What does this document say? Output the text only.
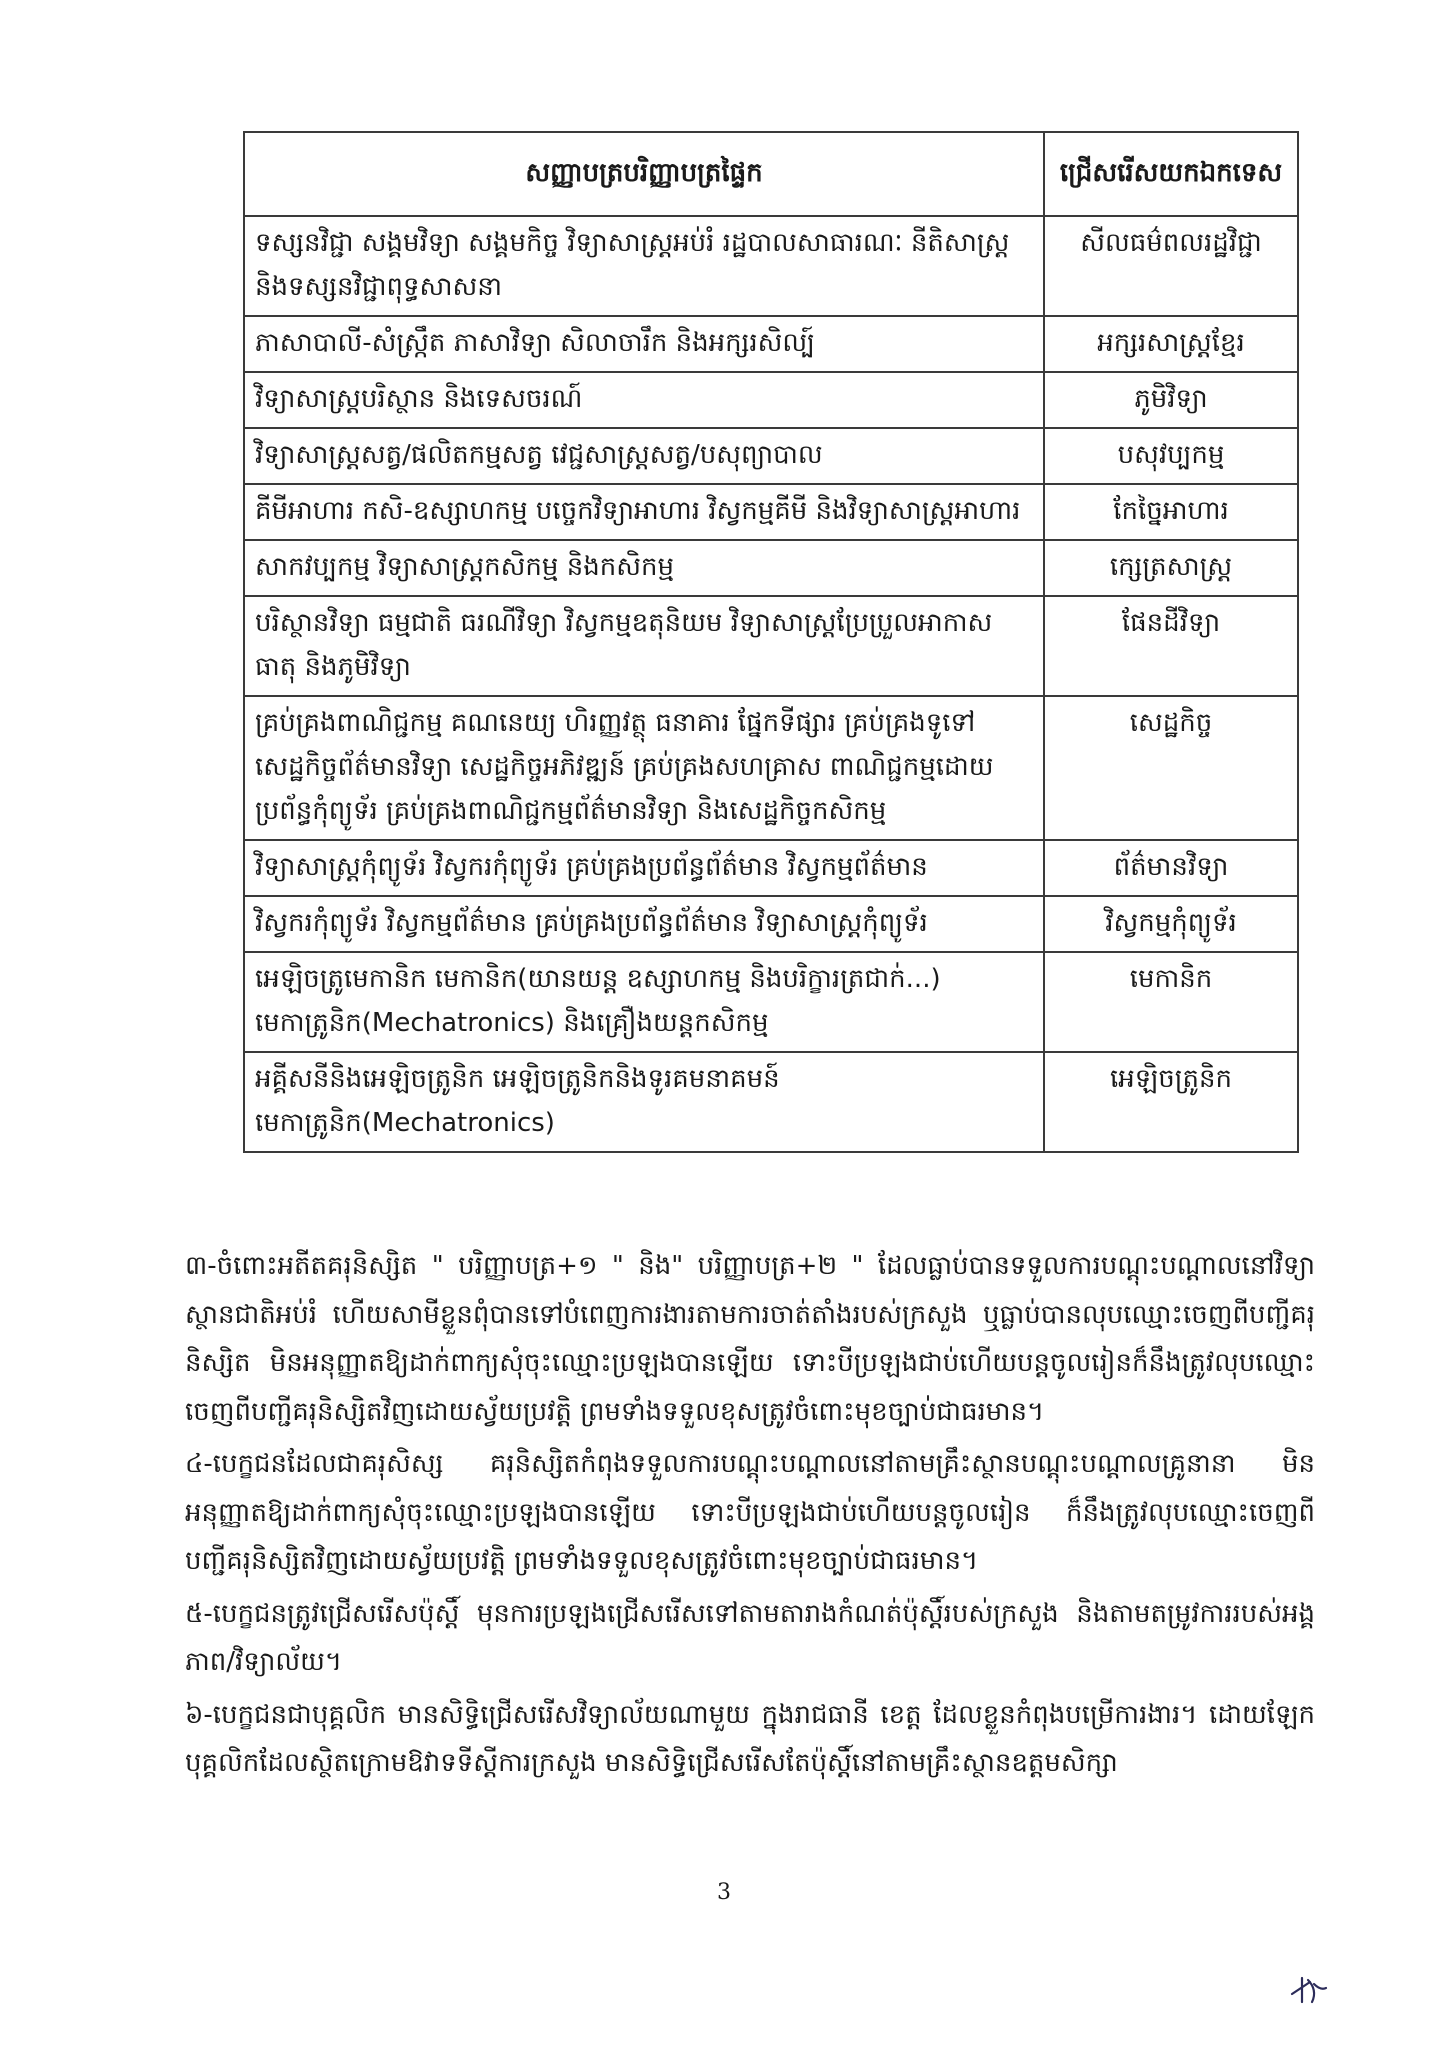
សញ្ញាបត្របរិញ្ញាបត្រផ្ទៃក	ជ្រើសរើសយកឯកទេស
ទស្សនវិជ្ជា សង្គមវិទ្យា សង្គមកិច្ច វិទ្យាសាស្ត្រអប់រំ រដ្ឋបាលសាធារណៈ នីតិសាស្ត្រ និងទស្សនវិជ្ជាពុទ្ធសាសនា	សីលធម៌ពលរដ្ឋវិជ្ជា
ភាសាបាលី-សំស្ក្រឹត ភាសាវិទ្យា សិលាចារឹក និងអក្សរសិល្ប៍	អក្សរសាស្ត្រខ្មែរ
វិទ្យាសាស្ត្របរិស្ថាន និងទេសចរណ៍	ភូមិវិទ្យា
វិទ្យាសាស្ត្រសត្វ/ផលិតកម្មសត្វ វេជ្ជសាស្ត្រសត្វ/បសុព្យាបាល	បសុវប្បកម្ម
គីមីអាហារ កសិ-ឧស្សាហកម្ម បច្ចេកវិទ្យាអាហារ វិស្វកម្មគីមី និងវិទ្យាសាស្ត្រអាហារ	កែច្នៃអាហារ
សាកវប្បកម្ម វិទ្យាសាស្ត្រកសិកម្ម និងកសិកម្ម	ក្សេត្រសាស្ត្រ
បរិស្ថានវិទ្យា ធម្មជាតិ ធរណីវិទ្យា វិស្វកម្មឧតុនិយម វិទ្យាសាស្ត្រប្រែប្រួលអាកាសធាតុ និងភូមិវិទ្យា	ផែនដីវិទ្យា
គ្រប់គ្រងពាណិជ្ជកម្ម គណនេយ្យ ហិរញ្ញវត្ថុ ធនាគារ ផ្នែកទីផ្សារ គ្រប់គ្រងទូទៅ សេដ្ឋកិច្ចព័ត៌មានវិទ្យា សេដ្ឋកិច្ចអភិវឌ្ឍន៍ គ្រប់គ្រងសហគ្រាស ពាណិជ្ជកម្មដោយប្រព័ន្ធកុំព្យូទ័រ គ្រប់គ្រងពាណិជ្ជកម្មព័ត៌មានវិទ្យា និងសេដ្ឋកិច្ចកសិកម្ម	សេដ្ឋកិច្ច
វិទ្យាសាស្ត្រកុំព្យូទ័រ វិស្វករកុំព្យូទ័រ គ្រប់គ្រងប្រព័ន្ធព័ត៌មាន វិស្វកម្មព័ត៌មាន	ព័ត៌មានវិទ្យា
វិស្វករកុំព្យូទ័រ វិស្វកម្មព័ត៌មាន គ្រប់គ្រងប្រព័ន្ធព័ត៌មាន វិទ្យាសាស្ត្រកុំព្យូទ័រ	វិស្វកម្មកុំព្យូទ័រ
អេឡិចត្រូមេកានិក មេកានិក(យានយន្ត ឧស្សាហកម្ម និងបរិក្ខារត្រជាក់...) មេកាត្រូនិក(Mechatronics) និងគ្រឿងយន្តកសិកម្ម	មេកានិក
អគ្គីសនីនិងអេឡិចត្រូនិក អេឡិចត្រូនិកនិងទូរគមនាគមន៍ មេកាត្រូនិក(Mechatronics)	អេឡិចត្រូនិក

៣-ចំពោះអតីតគរុនិស្សិត " បរិញ្ញាបត្រ+១ " និង" បរិញ្ញាបត្រ+២ " ដែលធ្លាប់បានទទួលការបណ្ដុះបណ្ដាលនៅវិទ្យាស្ថានជាតិអប់រំ ហើយសាមីខ្លួនពុំបានទៅបំពេញការងារតាមការចាត់តាំងរបស់ក្រសួង ឬធ្លាប់បានលុបឈ្មោះចេញពីបញ្ជីគរុនិស្សិត មិនអនុញ្ញាតឱ្យដាក់ពាក្យសុំចុះឈ្មោះប្រឡងបានឡើយ ទោះបីប្រឡងជាប់ហើយបន្តចូលរៀនក៏នឹងត្រូវលុបឈ្មោះចេញពីបញ្ជីគរុនិស្សិតវិញដោយស្វ័យប្រវត្តិ ព្រមទាំងទទួលខុសត្រូវចំពោះមុខច្បាប់ជាធរមាន។

៤-បេក្ខជនដែលជាគរុសិស្ស គរុនិស្សិតកំពុងទទួលការបណ្ដុះបណ្ដាលនៅតាមគ្រឹះស្ថានបណ្ដុះបណ្ដាលគ្រូនានា មិនអនុញ្ញាតឱ្យដាក់ពាក្យសុំចុះឈ្មោះប្រឡងបានឡើយ ទោះបីប្រឡងជាប់ហើយបន្តចូលរៀន ក៏នឹងត្រូវលុបឈ្មោះចេញពីបញ្ជីគរុនិស្សិតវិញដោយស្វ័យប្រវត្តិ ព្រមទាំងទទួលខុសត្រូវចំពោះមុខច្បាប់ជាធរមាន។

៥-បេក្ខជនត្រូវជ្រើសរើសប៉ុស្តិ៍ មុនការប្រឡងជ្រើសរើសទៅតាមតារាងកំណត់ប៉ុស្តិ៍របស់ក្រសួង និងតាមតម្រូវការរបស់អង្គភាព/វិទ្យាល័យ។

៦-បេក្ខជនជាបុគ្គលិក មានសិទ្ធិជ្រើសរើសវិទ្យាល័យណាមួយ ក្នុងរាជធានី ខេត្ត ដែលខ្លួនកំពុងបម្រើការងារ។ ដោយឡែកបុគ្គលិកដែលស្ថិតក្រោមឱវាទទីស្ដីការក្រសួង មានសិទ្ធិជ្រើសរើសតែប៉ុស្តិ៍នៅតាមគ្រឹះស្ថានឧត្តមសិក្សា

3
